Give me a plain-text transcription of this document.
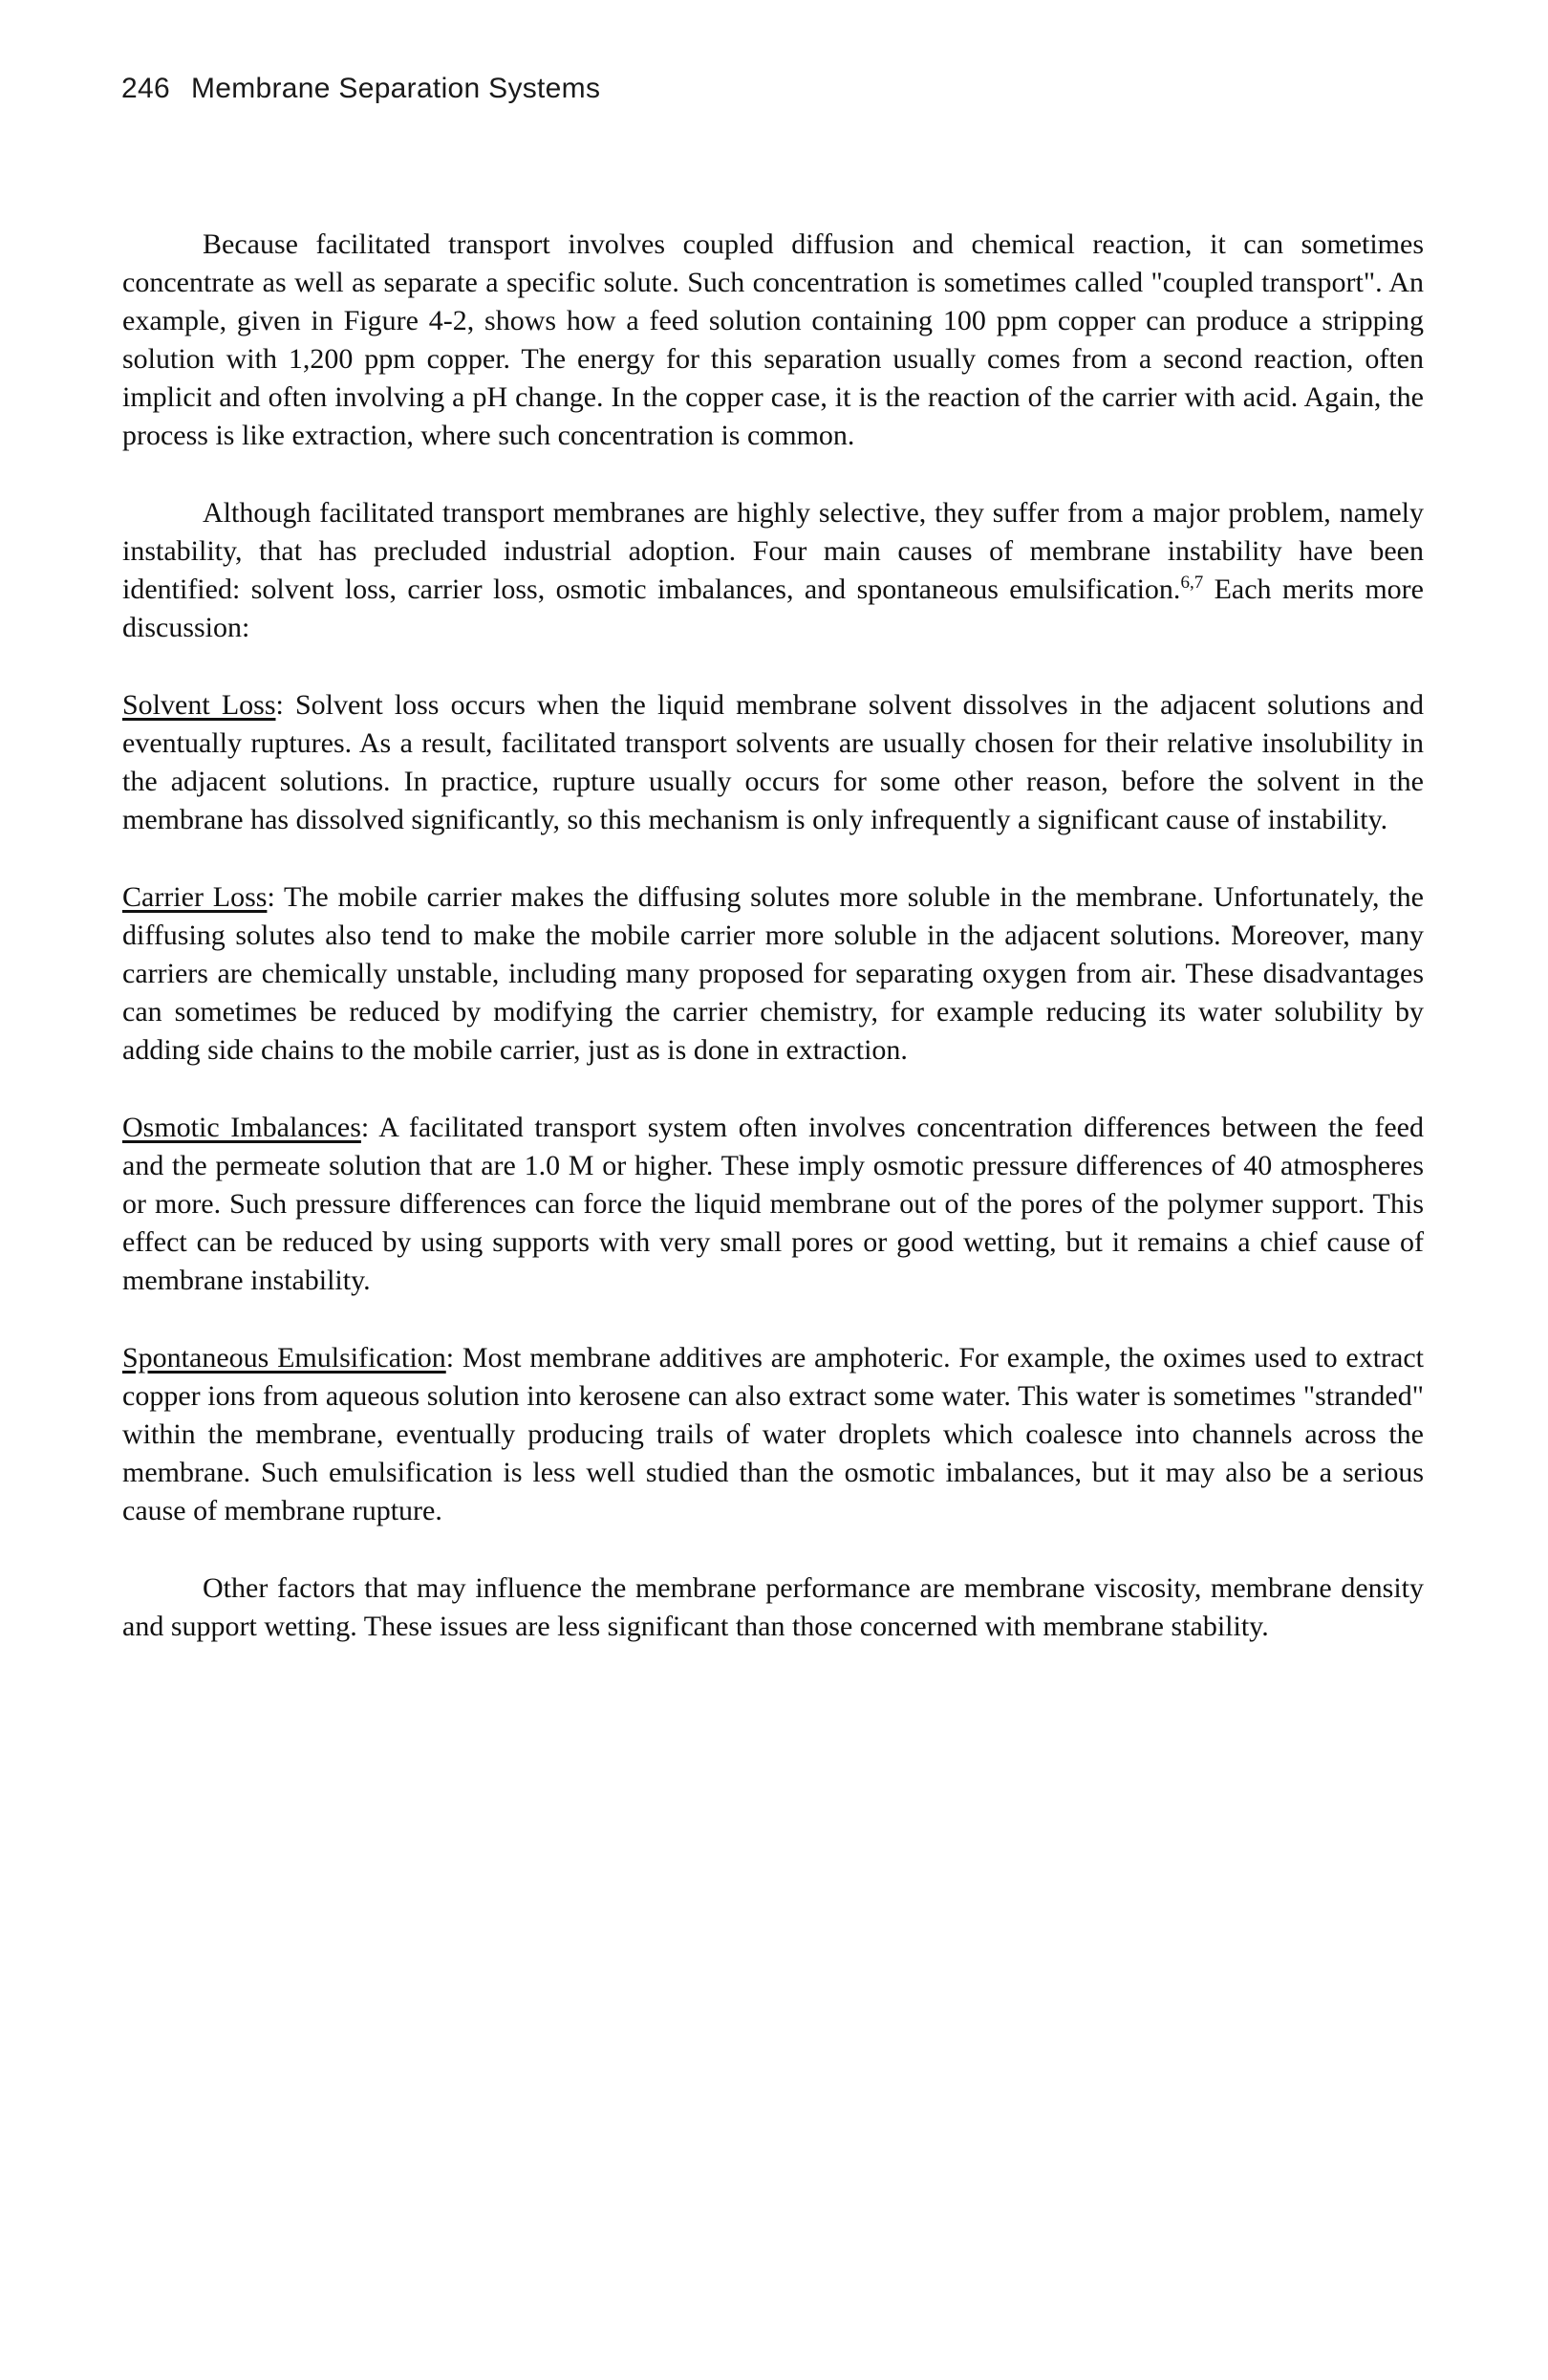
246 Membrane Separation Systems

Because facilitated transport involves coupled diffusion and chemical reaction, it can sometimes concentrate as well as separate a specific solute. Such concentration is sometimes called "coupled transport". An example, given in Figure 4-2, shows how a feed solution containing 100 ppm copper can produce a stripping solution with 1,200 ppm copper. The energy for this separation usually comes from a second reaction, often implicit and often involving a pH change. In the copper case, it is the reaction of the carrier with acid. Again, the process is like extraction, where such concentration is common.

Although facilitated transport membranes are highly selective, they suffer from a major problem, namely instability, that has precluded industrial adoption. Four main causes of membrane instability have been identified: solvent loss, carrier loss, osmotic imbalances, and spontaneous emulsification.$^{6,7}$ Each merits more discussion:

Solvent Loss: Solvent loss occurs when the liquid membrane solvent dissolves in the adjacent solutions and eventually ruptures. As a result, facilitated transport solvents are usually chosen for their relative insolubility in the adjacent solutions. In practice, rupture usually occurs for some other reason, before the solvent in the membrane has dissolved significantly, so this mechanism is only infrequently a significant cause of instability.

Carrier Loss: The mobile carrier makes the diffusing solutes more soluble in the membrane. Unfortunately, the diffusing solutes also tend to make the mobile carrier more soluble in the adjacent solutions. Moreover, many carriers are chemically unstable, including many proposed for separating oxygen from air. These disadvantages can sometimes be reduced by modifying the carrier chemistry, for example reducing its water solubility by adding side chains to the mobile carrier, just as is done in extraction.

Osmotic Imbalances: A facilitated transport system often involves concentration differences between the feed and the permeate solution that are 1.0 M or higher. These imply osmotic pressure differences of 40 atmospheres or more. Such pressure differences can force the liquid membrane out of the pores of the polymer support. This effect can be reduced by using supports with very small pores or good wetting, but it remains a chief cause of membrane instability.

Spontaneous Emulsification: Most membrane additives are amphoteric. For example, the oximes used to extract copper ions from aqueous solution into kerosene can also extract some water. This water is sometimes "stranded" within the membrane, eventually producing trails of water droplets which coalesce into channels across the membrane. Such emulsification is less well studied than the osmotic imbalances, but it may also be a serious cause of membrane rupture.

Other factors that may influence the membrane performance are membrane viscosity, membrane density and support wetting. These issues are less significant than those concerned with membrane stability.
